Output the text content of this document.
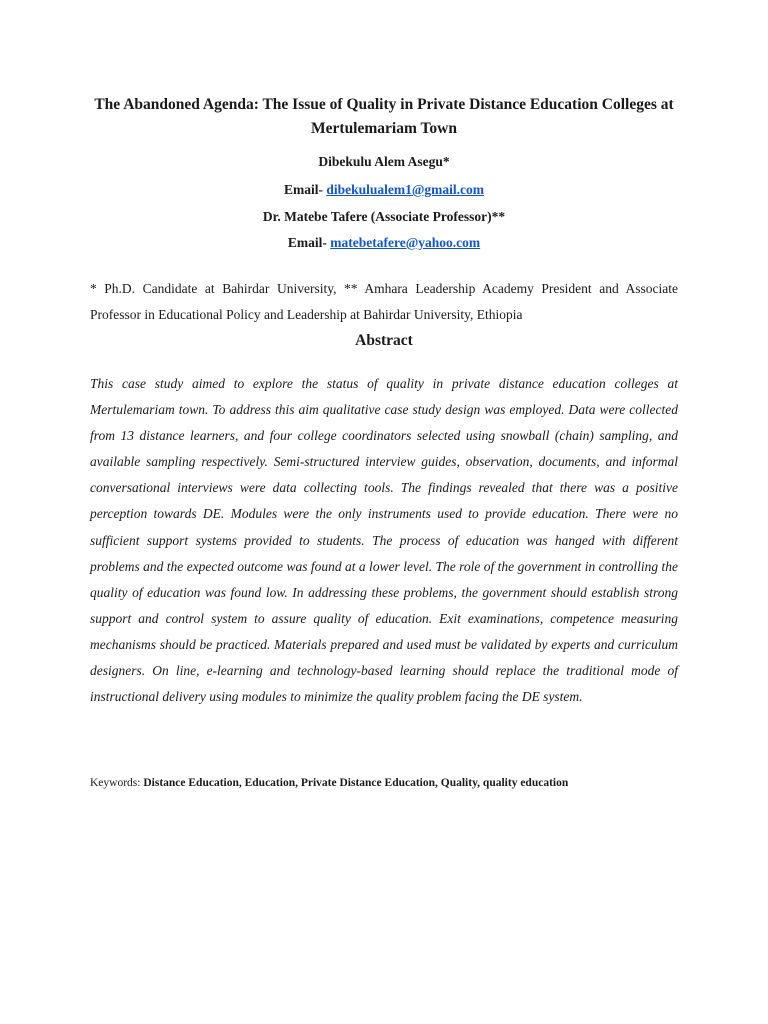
The Abandoned Agenda: The Issue of Quality in Private Distance Education Colleges at Mertulemariam Town
Dibekulu Alem Asegu*
Email- dibekulualem1@gmail.com
Dr. Matebe Tafere (Associate Professor)**
Email- matebetafere@yahoo.com
* Ph.D. Candidate at Bahirdar University, ** Amhara Leadership Academy President and Associate Professor in Educational Policy and Leadership at Bahirdar University, Ethiopia
Abstract
This case study aimed to explore the status of quality in private distance education colleges at Mertulemariam town. To address this aim qualitative case study design was employed. Data were collected from 13 distance learners, and four college coordinators selected using snowball (chain) sampling, and available sampling respectively. Semi-structured interview guides, observation, documents, and informal conversational interviews were data collecting tools. The findings revealed that there was a positive perception towards DE. Modules were the only instruments used to provide education. There were no sufficient support systems provided to students. The process of education was hanged with different problems and the expected outcome was found at a lower level. The role of the government in controlling the quality of education was found low. In addressing these problems, the government should establish strong support and control system to assure quality of education. Exit examinations, competence measuring mechanisms should be practiced. Materials prepared and used must be validated by experts and curriculum designers. On line, e-learning and technology-based learning should replace the traditional mode of instructional delivery using modules to minimize the quality problem facing the DE system.
Keywords: Distance Education, Education, Private Distance Education, Quality, quality education
